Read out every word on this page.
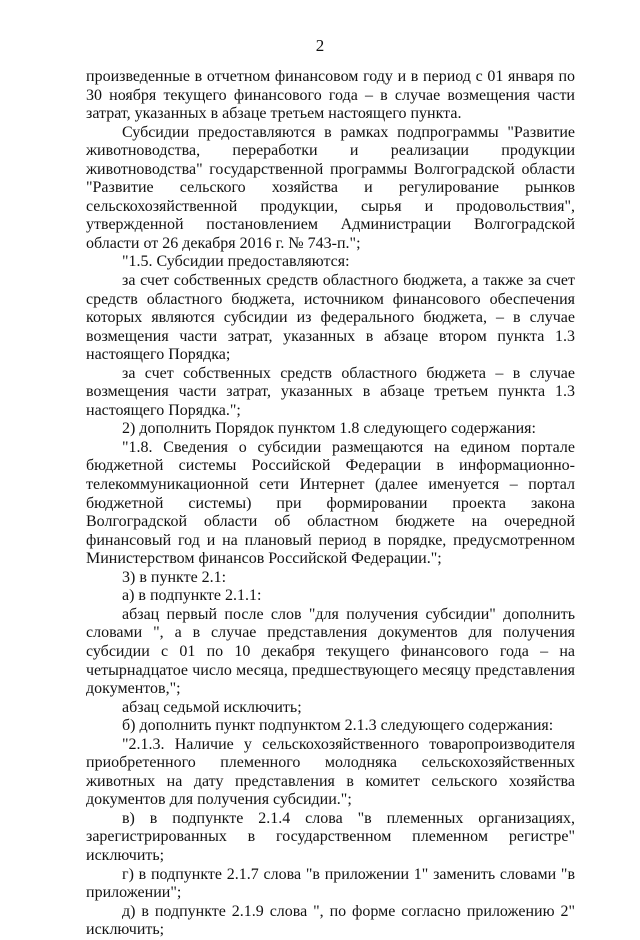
2

произведенные в отчетном финансовом году и в период с 01 января по 30 ноября текущего финансового года – в случае возмещения части затрат, указанных в абзаце третьем настоящего пункта.

Субсидии предоставляются в рамках подпрограммы "Развитие животноводства, переработки и реализации продукции животноводства" государственной программы Волгоградской области "Развитие сельского хозяйства и регулирование рынков сельскохозяйственной продукции, сырья и продовольствия", утвержденной постановлением Администрации Волгоградской области от 26 декабря 2016 г. № 743-п.";

"1.5. Субсидии предоставляются:

за счет собственных средств областного бюджета, а также за счет средств областного бюджета, источником финансового обеспечения которых являются субсидии из федерального бюджета, – в случае возмещения части затрат, указанных в абзаце втором пункта 1.3 настоящего Порядка;

за счет собственных средств областного бюджета – в случае возмещения части затрат, указанных в абзаце третьем пункта 1.3 настоящего Порядка.";

2) дополнить Порядок пунктом 1.8 следующего содержания:

"1.8. Сведения о субсидии размещаются на едином портале бюджетной системы Российской Федерации в информационно-телекоммуникационной сети Интернет (далее именуется – портал бюджетной системы) при формировании проекта закона Волгоградской области об областном бюджете на очередной финансовый год и на плановый период в порядке, предусмотренном Министерством финансов Российской Федерации.";

3) в пункте 2.1:

а) в подпункте 2.1.1:

абзац первый после слов "для получения субсидии" дополнить словами ", а в случае представления документов для получения субсидии с 01 по 10 декабря текущего финансового года – на четырнадцатое число месяца, предшествующего месяцу представления документов,";

абзац седьмой исключить;

б) дополнить пункт подпунктом 2.1.3 следующего содержания:

"2.1.3. Наличие у сельскохозяйственного товаропроизводителя приобретенного племенного молодняка сельскохозяйственных животных на дату представления в комитет сельского хозяйства документов для получения субсидии.";

в) в подпункте 2.1.4 слова "в племенных организациях, зарегистрированных в государственном племенном регистре" исключить;

г) в подпункте 2.1.7 слова "в приложении 1" заменить словами "в приложении";

д) в подпункте 2.1.9 слова ", по форме согласно приложению 2" исключить;
